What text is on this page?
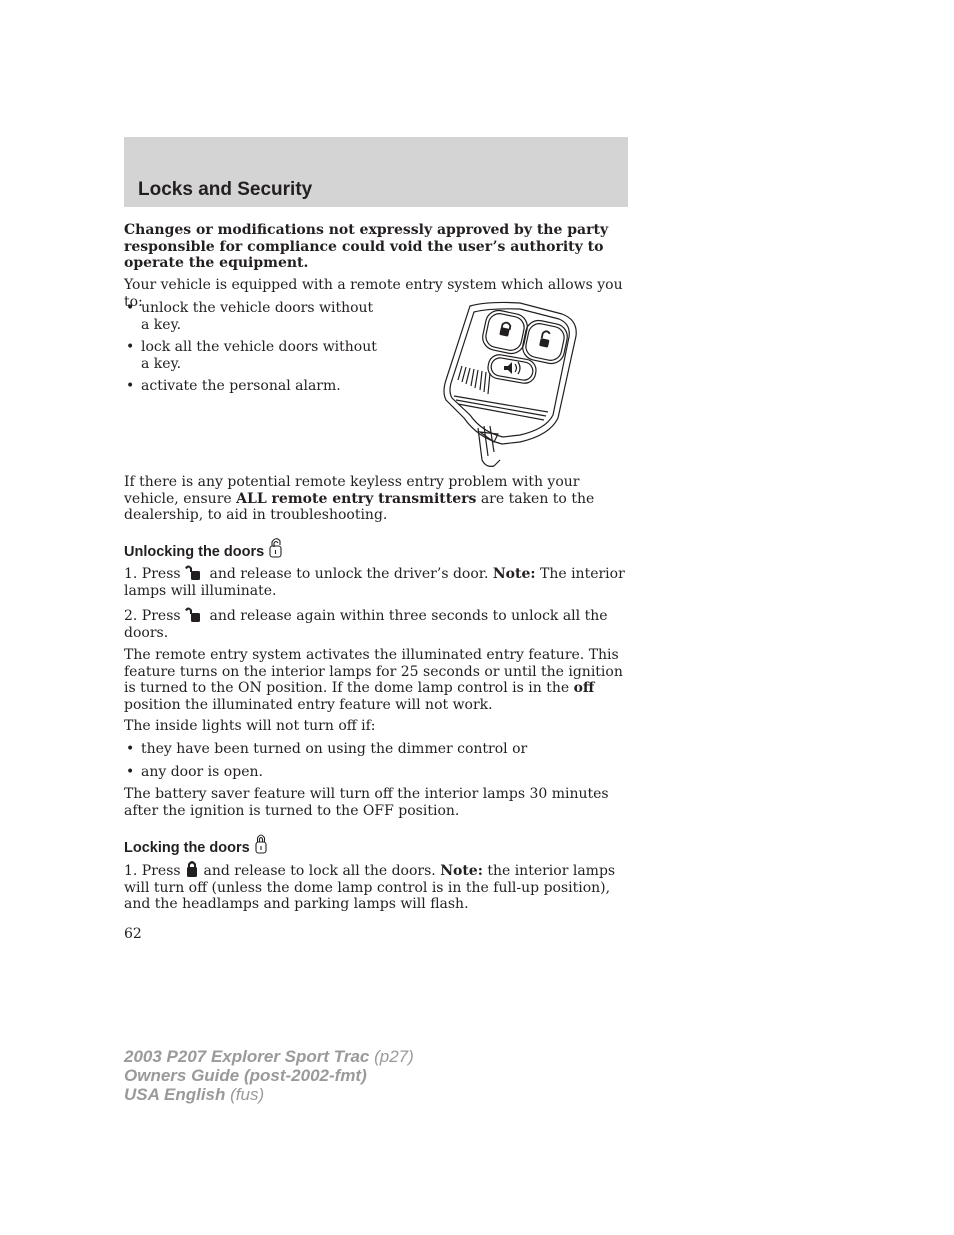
Locks and Security

Changes or modifications not expressly approved by the party responsible for compliance could void the user’s authority to operate the equipment.

Your vehicle is equipped with a remote entry system which allows you to:

• unlock the vehicle doors without
a key.
• lock all the vehicle doors without
a key.
• activate the personal alarm.

If there is any potential remote keyless entry problem with your vehicle, ensure ALL remote entry transmitters are taken to the dealership, to aid in troubleshooting.

Unlocking the doors

1. Press  and release to unlock the driver’s door. Note: The interior lamps will illuminate.

2. Press  and release again within three seconds to unlock all the doors.

The remote entry system activates the illuminated entry feature. This feature turns on the interior lamps for 25 seconds or until the ignition is turned to the ON position. If the dome lamp control is in the off position the illuminated entry feature will not work.

The inside lights will not turn off if:

• they have been turned on using the dimmer control or
• any door is open.

The battery saver feature will turn off the interior lamps 30 minutes after the ignition is turned to the OFF position.

Locking the doors

1. Press  and release to lock all the doors. Note: the interior lamps will turn off (unless the dome lamp control is in the full-up position), and the headlamps and parking lamps will flash.

62

2003 P207 Explorer Sport Trac (p27)
Owners Guide (post-2002-fmt)
USA English (fus)
